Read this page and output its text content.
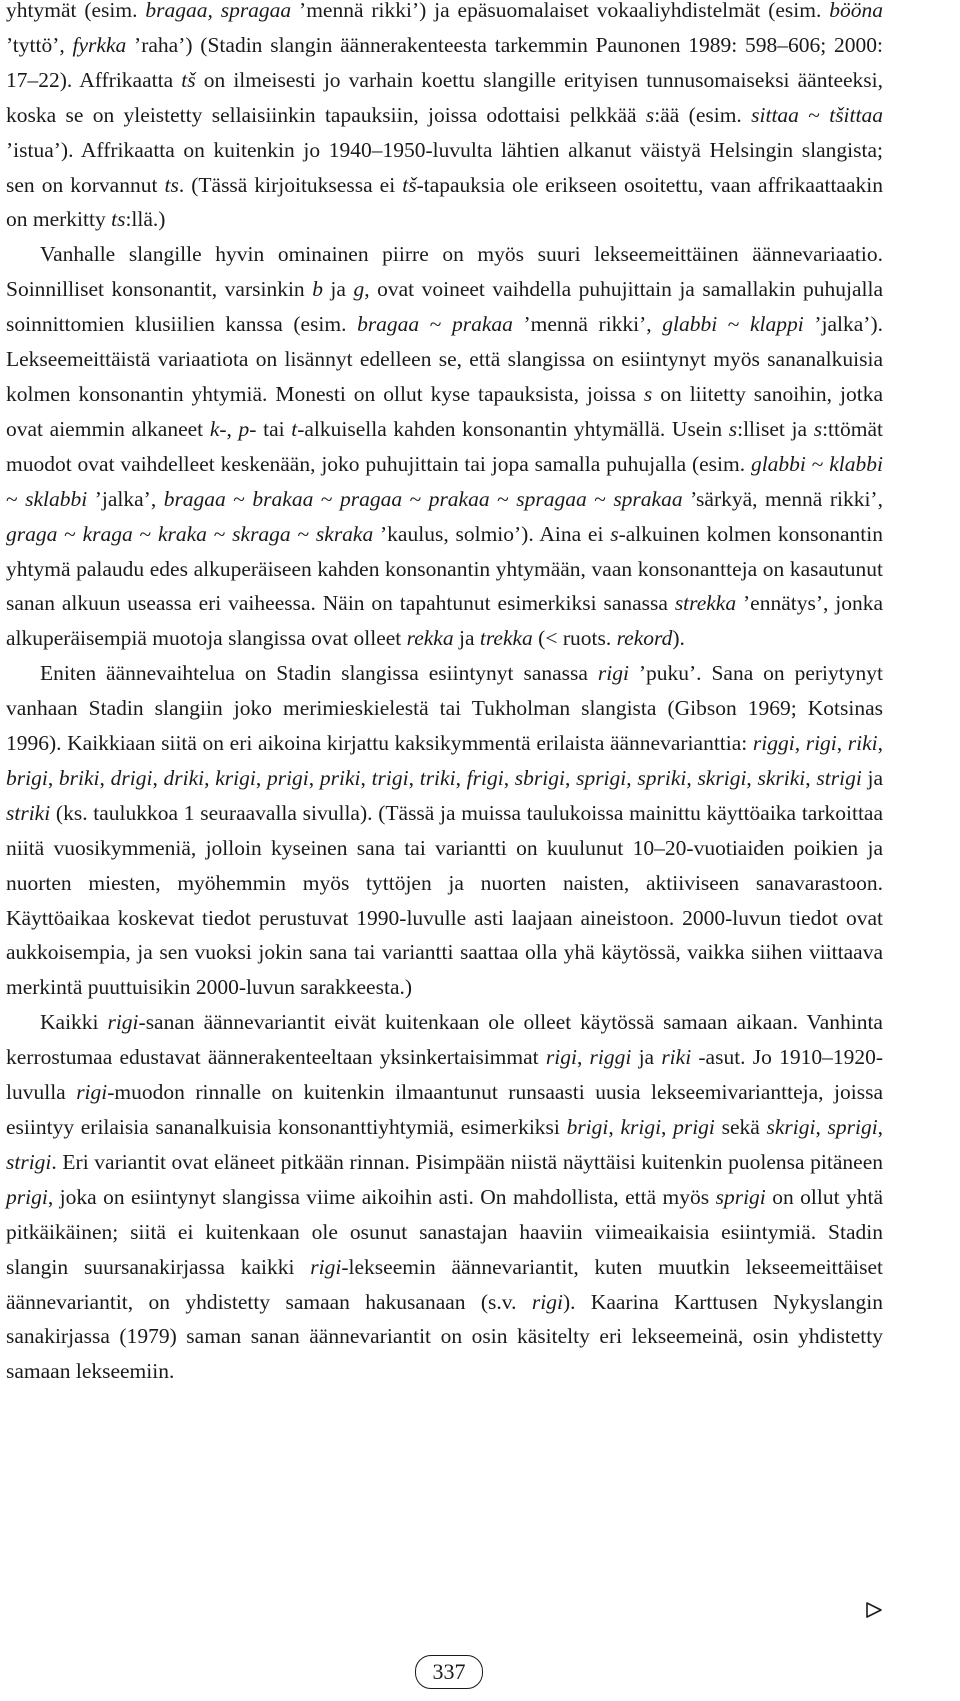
yhtymät (esim. bragaa, spragaa ’mennä rikki’) ja epäsuomalaiset vokaaliyhdistelmät (esim. bööna ’tyttö’, fyrkka ’raha’) (Stadin slangin äännerakenteesta tarkemmin Paunonen 1989: 598–606; 2000: 17–22). Affrikaatta tš on ilmeisesti jo varhain koettu slangille erityisen tunnusomaiseksi äänteeksi, koska se on yleistetty sellaisiinkin tapauksiin, joissa odottaisi pelkkää s:ää (esim. sittaa ~ tšittaa ’istua’). Affrikaatta on kuitenkin jo 1940–1950-luvulta lähtien alkanut väistyä Helsingin slangista; sen on korvannut ts. (Tässä kirjoituksessa ei tš-tapauksia ole erikseen osoitettu, vaan affrikaattaakin on merkitty ts:llä.)

Vanhalle slangille hyvin ominainen piirre on myös suuri lekseemeittäinen äännevariaatio. Soinnilliset konsonantit, varsinkin b ja g, ovat voineet vaihdella puhujittain ja samallakin puhujalla soinnittomien klusiilien kanssa (esim. bragaa ~ prakaa ’mennä rikki’, glabbi ~ klappi ’jalka’). Lekseemeittäistä variaatiota on lisännyt edelleen se, että slangissa on esiintynyt myös sananalkuisia kolmen konsonantin yhtymiä. Monesti on ollut kyse tapauksista, joissa s on liitetty sanoihin, jotka ovat aiemmin alkaneet k-, p- tai t-alkuisella kahden konsonantin yhtymällä. Usein s:lliset ja s:ttömät muodot ovat vaihdelleet keskenään, joko puhujittain tai jopa samalla puhujalla (esim. glabbi ~ klabbi ~ sklabbi ’jalka’, bragaa ~ brakaa ~ pragaa ~ prakaa ~ spragaa ~ sprakaa ’särkyä, mennä rikki’, graga ~ kraga ~ kraka ~ skraga ~ skraka ’kaulus, solmio’). Aina ei s-alkuinen kolmen konsonantin yhtymä palaudu edes alkuperäiseen kahden konsonantin yhtymään, vaan konsonantteja on kasautunut sanan alkuun useassa eri vaiheessa. Näin on tapahtunut esimerkiksi sanassa strekka ’ennätys’, jonka alkuperäisempiä muotoja slangissa ovat olleet rekka ja trekka (< ruots. rekord).

Eniten äännevaihtelua on Stadin slangissa esiintynyt sanassa rigi ’puku’. Sana on periytynyt vanhaan Stadin slangiin joko merimieskielestä tai Tukholman slangista (Gibson 1969; Kotsinas 1996). Kaikkiaan siitä on eri aikoina kirjattu kaksikymmentä erilaista äännevarianttia: riggi, rigi, riki, brigi, briki, drigi, driki, krigi, prigi, priki, trigi, triki, frigi, sbrigi, sprigi, spriki, skrigi, skriki, strigi ja striki (ks. taulukkoa 1 seuraavalla sivulla). (Tässä ja muissa taulukoissa mainittu käyttöaika tarkoittaa niitä vuosikymmeniä, jolloin kyseinen sana tai variantti on kuulunut 10–20-vuotiaiden poikien ja nuorten miesten, myöhemmin myös tyttöjen ja nuorten naisten, aktiiviseen sanavarastoon. Käyttöaikaa koskevat tiedot perustuvat 1990-luvulle asti laajaan aineistoon. 2000-luvun tiedot ovat aukkoisempia, ja sen vuoksi jokin sana tai variantti saattaa olla yhä käytössä, vaikka siihen viittaava merkintä puuttuisikin 2000-luvun sarakkeesta.)

Kaikki rigi-sanan äännevariantit eivät kuitenkaan ole olleet käytössä samaan aikaan. Vanhinta kerrostumaa edustavat äännerakenteeltaan yksinkertaisimmat rigi, riggi ja riki -asut. Jo 1910–1920-luvulla rigi-muodon rinnalle on kuitenkin ilmaantunut runsaasti uusia lekseemivariantteja, joissa esiintyy erilaisia sananalkuisia konsonanttiyhtymiä, esimerkiksi brigi, krigi, prigi sekä skrigi, sprigi, strigi. Eri variantit ovat eläneet pitkään rinnan. Pisimpään niistä näyttäisi kuitenkin puolensa pitäneen prigi, joka on esiintynyt slangissa viime aikoihin asti. On mahdollista, että myös sprigi on ollut yhtä pitkäikäinen; siitä ei kuitenkaan ole osunut sanastajan haaviin viimeaikaisia esiintymiä. Stadin slangin suursanakirjassa kaikki rigi-lekseemin äännevariantit, kuten muutkin lekseemeittäiset äännevariantit, on yhdistetty samaan hakusanaan (s.v. rigi). Kaarina Karttusen Nykyslangin sanakirjassa (1979) saman sanan äännevariantit on osin käsitelty eri lekseemeinä, osin yhdistetty samaan lekseemiin.

337
